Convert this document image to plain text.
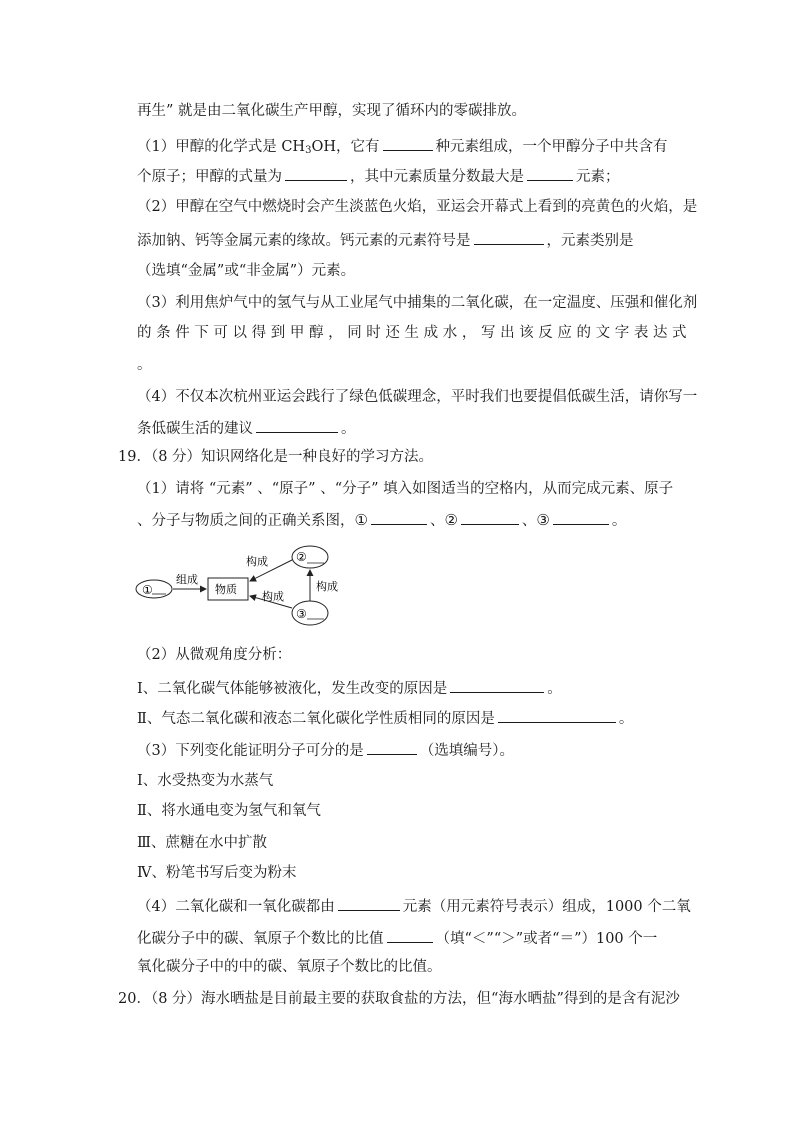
再生” 就是由二氧化碳生产甲醇，实现了循环内的零碳排放。
（1）甲醇的化学式是 $CH_3OH$，它有	种元素组成，一个甲醇分子中共含有
个原子；甲醇的式量为	，其中元素质量分数最大是	元素；
（2）甲醇在空气中燃烧时会产生淡蓝色火焰，亚运会开幕式上看到的亮黄色的火焰，是
添加钠、钙等金属元素的缘故。钙元素的元素符号是	，元素类别是
（选填“金属”或“非金属”）元素。
（3）利用焦炉气中的氢气与从工业尾气中捕集的二氧化碳，在一定温度、压强和催化剂
的 条 件 下 可 以 得 到 甲 醇 ， 同 时 还 生 成 水 ， 写 出 该 反 应 的 文 字 表 达 式
。
（4）不仅本次杭州亚运会践行了绿色低碳理念，平时我们也要提倡低碳生活，请你写一
条低碳生活的建议	。
19．（8 分）知识网络化是一种良好的学习方法。
（1）请将 “元素” 、“原子” 、“分子” 填入如图适当的空格内，从而完成元素、原子
、分子与物质之间的正确关系图，①	、②	、③	。
①
组成
物质
②
③
构成
构成
构成
（2）从微观角度分析：
Ⅰ、二氧化碳气体能够被液化，发生改变的原因是	。
Ⅱ、气态二氧化碳和液态二氧化碳化学性质相同的原因是	。
（3）下列变化能证明分子可分的是	（选填编号）。
Ⅰ、水受热变为水蒸气
Ⅱ、将水通电变为氢气和氧气
Ⅲ、蔗糖在水中扩散
Ⅳ、粉笔书写后变为粉末
（4）二氧化碳和一氧化碳都由	元素（用元素符号表示）组成，1000 个二氧
化碳分子中的碳、氧原子个数比的比值	（填“＜”“＞”或者“＝”）100 个一
氧化碳分子中的中的碳、氧原子个数比的比值。
20．（8 分）海水晒盐是目前最主要的获取食盐的方法，但“海水晒盐”得到的是含有泥沙
